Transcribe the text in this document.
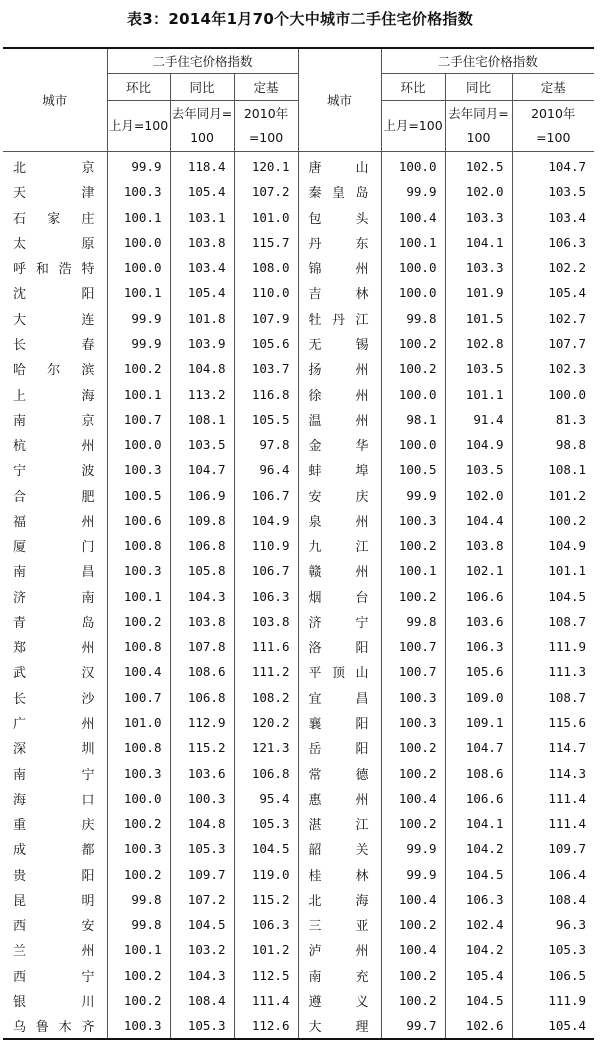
表3：2014年1月70个大中城市二手住宅价格指数
城市	二手住宅价格指数			城市	二手住宅价格指数		
	环比	同比	定基		环比	同比	定基
	上月=100	去年同月=100	2010年=100		上月=100	去年同月=100	2010年=100
北京	99.9	118.4	120.1	唐山	100.0	102.5	104.7
天津	100.3	105.4	107.2	秦皇岛	99.9	102.0	103.5
石家庄	100.1	103.1	101.0	包头	100.4	103.3	103.4
太原	100.0	103.8	115.7	丹东	100.1	104.1	106.3
呼和浩特	100.0	103.4	108.0	锦州	100.0	103.3	102.2
沈阳	100.1	105.4	110.0	吉林	100.0	101.9	105.4
大连	99.9	101.8	107.9	牡丹江	99.8	101.5	102.7
长春	99.9	103.9	105.6	无锡	100.2	102.8	107.7
哈尔滨	100.2	104.8	103.7	扬州	100.2	103.5	102.3
上海	100.1	113.2	116.8	徐州	100.0	101.1	100.0
南京	100.7	108.1	105.5	温州	98.1	91.4	81.3
杭州	100.0	103.5	97.8	金华	100.0	104.9	98.8
宁波	100.3	104.7	96.4	蚌埠	100.5	103.5	108.1
合肥	100.5	106.9	106.7	安庆	99.9	102.0	101.2
福州	100.6	109.8	104.9	泉州	100.3	104.4	100.2
厦门	100.8	106.8	110.9	九江	100.2	103.8	104.9
南昌	100.3	105.8	106.7	赣州	100.1	102.1	101.1
济南	100.1	104.3	106.3	烟台	100.2	106.6	104.5
青岛	100.2	103.8	103.8	济宁	99.8	103.6	108.7
郑州	100.8	107.8	111.6	洛阳	100.7	106.3	111.9
武汉	100.4	108.6	111.2	平顶山	100.7	105.6	111.3
长沙	100.7	106.8	108.2	宜昌	100.3	109.0	108.7
广州	101.0	112.9	120.2	襄阳	100.3	109.1	115.6
深圳	100.8	115.2	121.3	岳阳	100.2	104.7	114.7
南宁	100.3	103.6	106.8	常德	100.2	108.6	114.3
海口	100.0	100.3	95.4	惠州	100.4	106.6	111.4
重庆	100.2	104.8	105.3	湛江	100.2	104.1	111.4
成都	100.3	105.3	104.5	韶关	99.9	104.2	109.7
贵阳	100.2	109.7	119.0	桂林	99.9	104.5	106.4
昆明	99.8	107.2	115.2	北海	100.4	106.3	108.4
西安	99.8	104.5	106.3	三亚	100.2	102.4	96.3
兰州	100.1	103.2	101.2	泸州	100.4	104.2	105.3
西宁	100.2	104.3	112.5	南充	100.2	105.4	106.5
银川	100.2	108.4	111.4	遵义	100.2	104.5	111.9
乌鲁木齐	100.3	105.3	112.6	大理	99.7	102.6	105.4
